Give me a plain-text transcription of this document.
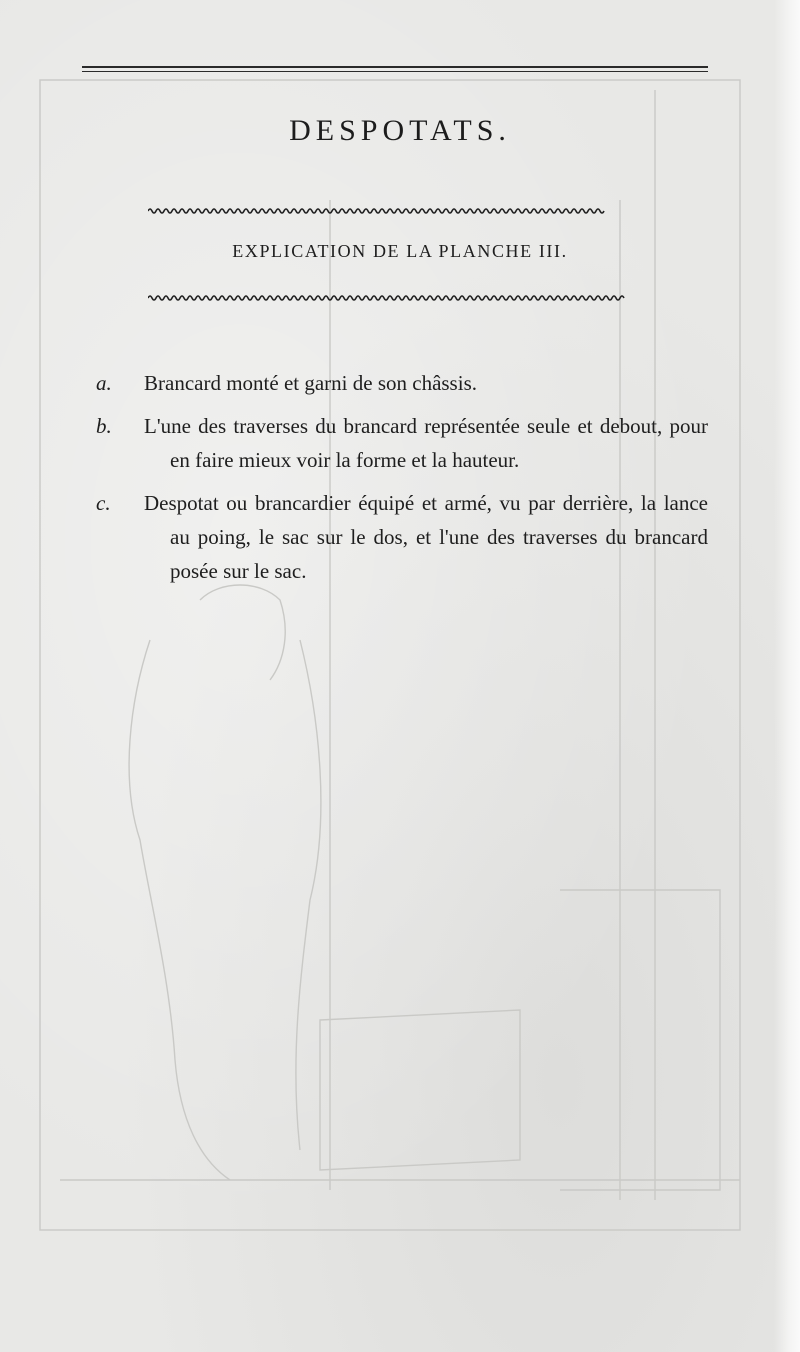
DESPOTATS.
EXPLICATION DE LA PLANCHE III.
a.	Brancard monté et garni de son châssis.
b.	L'une des traverses du brancard représentée seule et debout, pour en faire mieux voir la forme et la hauteur.
c.	Despotat ou brancardier équipé et armé, vu par derrière, la lance au poing, le sac sur le dos, et l'une des traverses du brancard posée sur le sac.
